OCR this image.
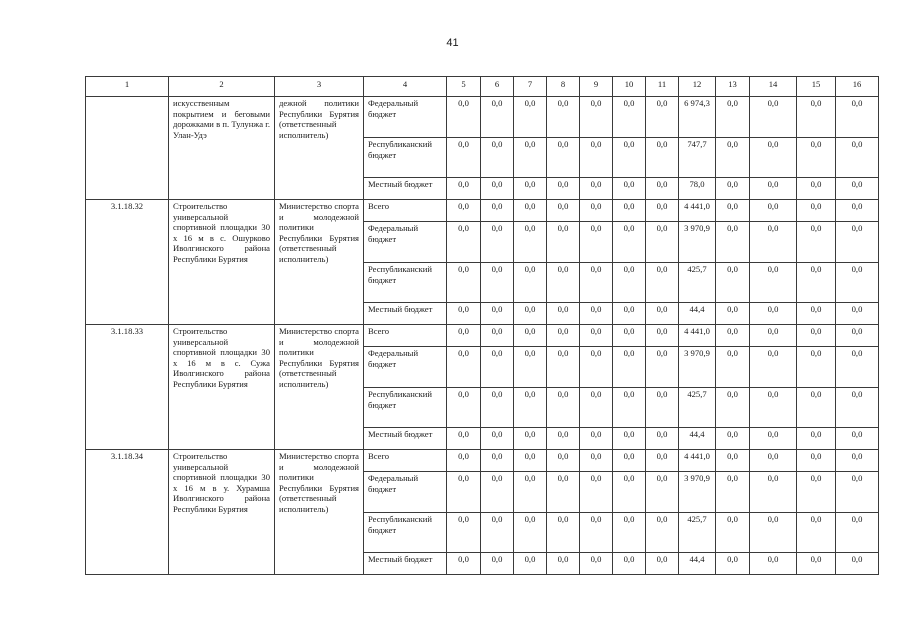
41
1	2	3	4	5	6	7	8	9	10	11	12	13	14	15	16
	искусственным покрытием и беговыми дорожками в п. Тулунжа г. Улан-Удэ	дежной политики Республики Бурятия (ответственный исполнитель)	Федеральный бюджет	0,0	0,0	0,0	0,0	0,0	0,0	0,0	6 974,3	0,0	0,0	0,0	0,0
			Республиканский бюджет	0,0	0,0	0,0	0,0	0,0	0,0	0,0	747,7	0,0	0,0	0,0	0,0
			Местный бюджет	0,0	0,0	0,0	0,0	0,0	0,0	0,0	78,0	0,0	0,0	0,0	0,0
3.1.18.32	Строительство универсальной спортивной площадки 30 х 16 м в с. Ошурково Иволгинского района Республики Бурятия	Министерство спорта и молодежной политики Республики Бурятия (ответственный исполнитель)	Всего	0,0	0,0	0,0	0,0	0,0	0,0	0,0	4 441,0	0,0	0,0	0,0	0,0
			Федеральный бюджет	0,0	0,0	0,0	0,0	0,0	0,0	0,0	3 970,9	0,0	0,0	0,0	0,0
			Республиканский бюджет	0,0	0,0	0,0	0,0	0,0	0,0	0,0	425,7	0,0	0,0	0,0	0,0
			Местный бюджет	0,0	0,0	0,0	0,0	0,0	0,0	0,0	44,4	0,0	0,0	0,0	0,0
3.1.18.33	Строительство универсальной спортивной площадки 30 х 16 м в с. Сужа Иволгинского района Республики Бурятия	Министерство спорта и молодежной политики Республики Бурятия (ответственный исполнитель)	Всего	0,0	0,0	0,0	0,0	0,0	0,0	0,0	4 441,0	0,0	0,0	0,0	0,0
			Федеральный бюджет	0,0	0,0	0,0	0,0	0,0	0,0	0,0	3 970,9	0,0	0,0	0,0	0,0
			Республиканский бюджет	0,0	0,0	0,0	0,0	0,0	0,0	0,0	425,7	0,0	0,0	0,0	0,0
			Местный бюджет	0,0	0,0	0,0	0,0	0,0	0,0	0,0	44,4	0,0	0,0	0,0	0,0
3.1.18.34	Строительство универсальной спортивной площадки 30 х 16 м в у. Хурамша Иволгинского района Республики Бурятия	Министерство спорта и молодежной политики Республики Бурятия (ответственный исполнитель)	Всего	0,0	0,0	0,0	0,0	0,0	0,0	0,0	4 441,0	0,0	0,0	0,0	0,0
			Федеральный бюджет	0,0	0,0	0,0	0,0	0,0	0,0	0,0	3 970,9	0,0	0,0	0,0	0,0
			Республиканский бюджет	0,0	0,0	0,0	0,0	0,0	0,0	0,0	425,7	0,0	0,0	0,0	0,0
			Местный бюджет	0,0	0,0	0,0	0,0	0,0	0,0	0,0	44,4	0,0	0,0	0,0	0,0
